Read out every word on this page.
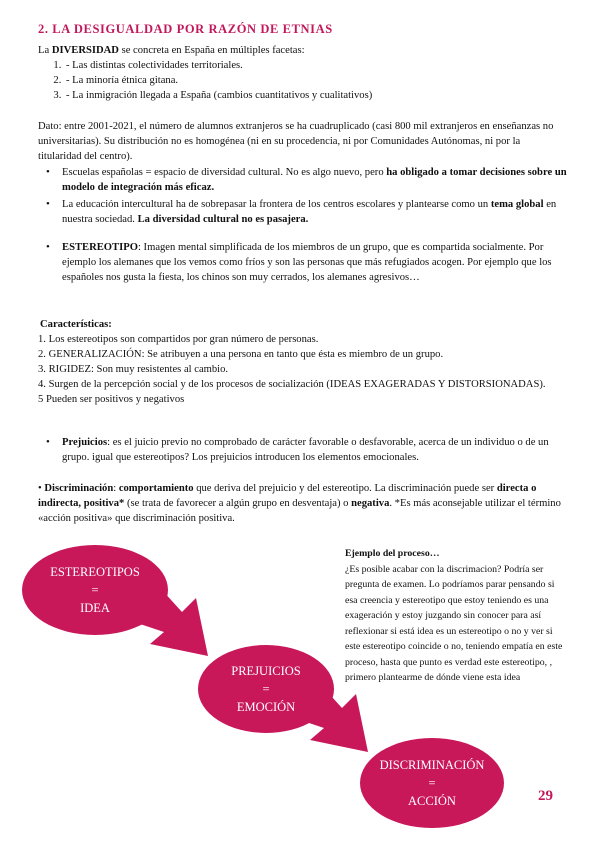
2. LA DESIGUALDAD POR RAZÓN DE ETNIAS

La DIVERSIDAD se concreta en España en múltiples facetas:

1. - Las distintas colectividades territoriales.
2. - La minoría étnica gitana.
3. - La inmigración llegada a España (cambios cuantitativos y cualitativos)

Dato: entre 2001-2021, el número de alumnos extranjeros se ha cuadruplicado (casi 800 mil extranjeros en enseñanzas no universitarias). Su distribución no es homogénea (ni en su procedencia, ni por Comunidades Autónomas, ni por la titularidad del centro).

• Escuelas españolas = espacio de diversidad cultural. No es algo nuevo, pero ha obligado a tomar decisiones sobre un modelo de integración más eficaz.
• La educación intercultural ha de sobrepasar la frontera de los centros escolares y plantearse como un tema global en nuestra sociedad. La diversidad cultural no es pasajera.
• ESTEREOTIPO: Imagen mental simplificada de los miembros de un grupo, que es compartida socialmente. Por ejemplo los alemanes que los vemos como fríos y son las personas que más refugiados acogen. Por ejemplo que los españoles nos gusta la fiesta, los chinos son muy cerrados, los alemanes agresivos…

Características:

1. Los estereotipos son compartidos por gran número de personas.
2. GENERALIZACIÓN: Se atribuyen a una persona en tanto que ésta es miembro de un grupo.
3. RIGIDEZ: Son muy resistentes al cambio.
4. Surgen de la percepción social y de los procesos de socialización (IDEAS EXAGERADAS Y DISTORSIONADAS).
5 Pueden ser positivos y negativos
• Prejuicios: es el juicio previo no comprobado de carácter favorable o desfavorable, acerca de un individuo o de un grupo. igual que estereotipos? Los prejuicios introducen los elementos emocionales.

• Discriminación: comportamiento que deriva del prejuicio y del estereotipo. La discriminación puede ser directa o indirecta, positiva* (se trata de favorecer a algún grupo en desventaja) o negativa. *Es más aconsejable utilizar el término «acción positiva» que discriminación positiva.

ESTEREOTIPOS
=
IDEA
PREJUICIOS
=
EMOCIÓN
DISCRIMINACIÓN
=
ACCIÓN

Ejemplo del proceso…

¿Es posible acabar con la discrimacion? Podría ser pregunta de examen. Lo podríamos parar pensando si esa creencia y estereotipo que estoy teniendo es una exageración y estoy juzgando sin conocer para así reflexionar si está idea es un estereotipo o no y ver si este estereotipo coincide o no, teniendo empatía en este proceso, hasta que punto es verdad este estereotipo, , primero plantearme de dónde viene esta idea

29
